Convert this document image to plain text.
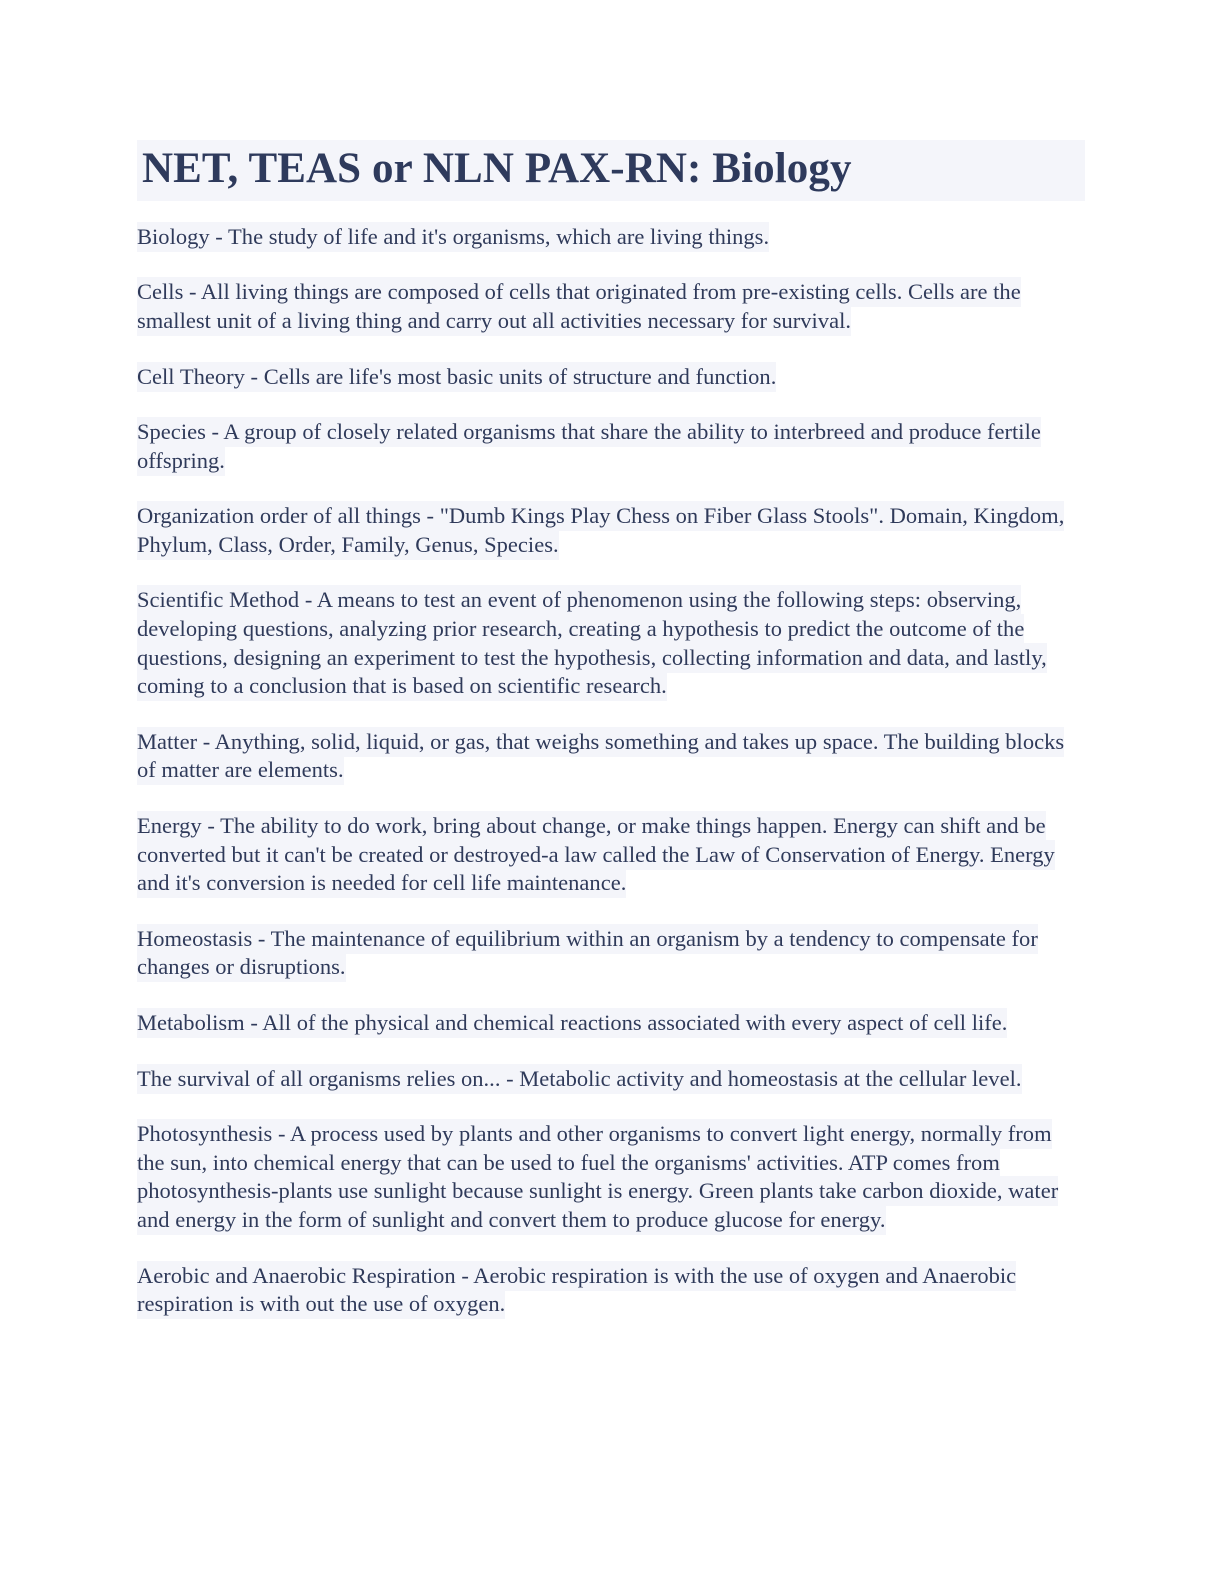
NET, TEAS or NLN PAX-RN: Biology

Biology - The study of life and it's organisms, which are living things.

Cells - All living things are composed of cells that originated from pre-existing cells. Cells are the smallest unit of a living thing and carry out all activities necessary for survival.

Cell Theory - Cells are life's most basic units of structure and function.

Species - A group of closely related organisms that share the ability to interbreed and produce fertile offspring.

Organization order of all things - "Dumb Kings Play Chess on Fiber Glass Stools". Domain, Kingdom, Phylum, Class, Order, Family, Genus, Species.

Scientific Method - A means to test an event of phenomenon using the following steps: observing, developing questions, analyzing prior research, creating a hypothesis to predict the outcome of the questions, designing an experiment to test the hypothesis, collecting information and data, and lastly, coming to a conclusion that is based on scientific research.

Matter - Anything, solid, liquid, or gas, that weighs something and takes up space. The building blocks of matter are elements.

Energy - The ability to do work, bring about change, or make things happen. Energy can shift and be converted but it can't be created or destroyed-a law called the Law of Conservation of Energy. Energy and it's conversion is needed for cell life maintenance.

Homeostasis - The maintenance of equilibrium within an organism by a tendency to compensate for changes or disruptions.

Metabolism - All of the physical and chemical reactions associated with every aspect of cell life.

The survival of all organisms relies on... - Metabolic activity and homeostasis at the cellular level.

Photosynthesis - A process used by plants and other organisms to convert light energy, normally from the sun, into chemical energy that can be used to fuel the organisms' activities. ATP comes from photosynthesis-plants use sunlight because sunlight is energy. Green plants take carbon dioxide, water and energy in the form of sunlight and convert them to produce glucose for energy.

Aerobic and Anaerobic Respiration - Aerobic respiration is with the use of oxygen and Anaerobic respiration is with out the use of oxygen.
